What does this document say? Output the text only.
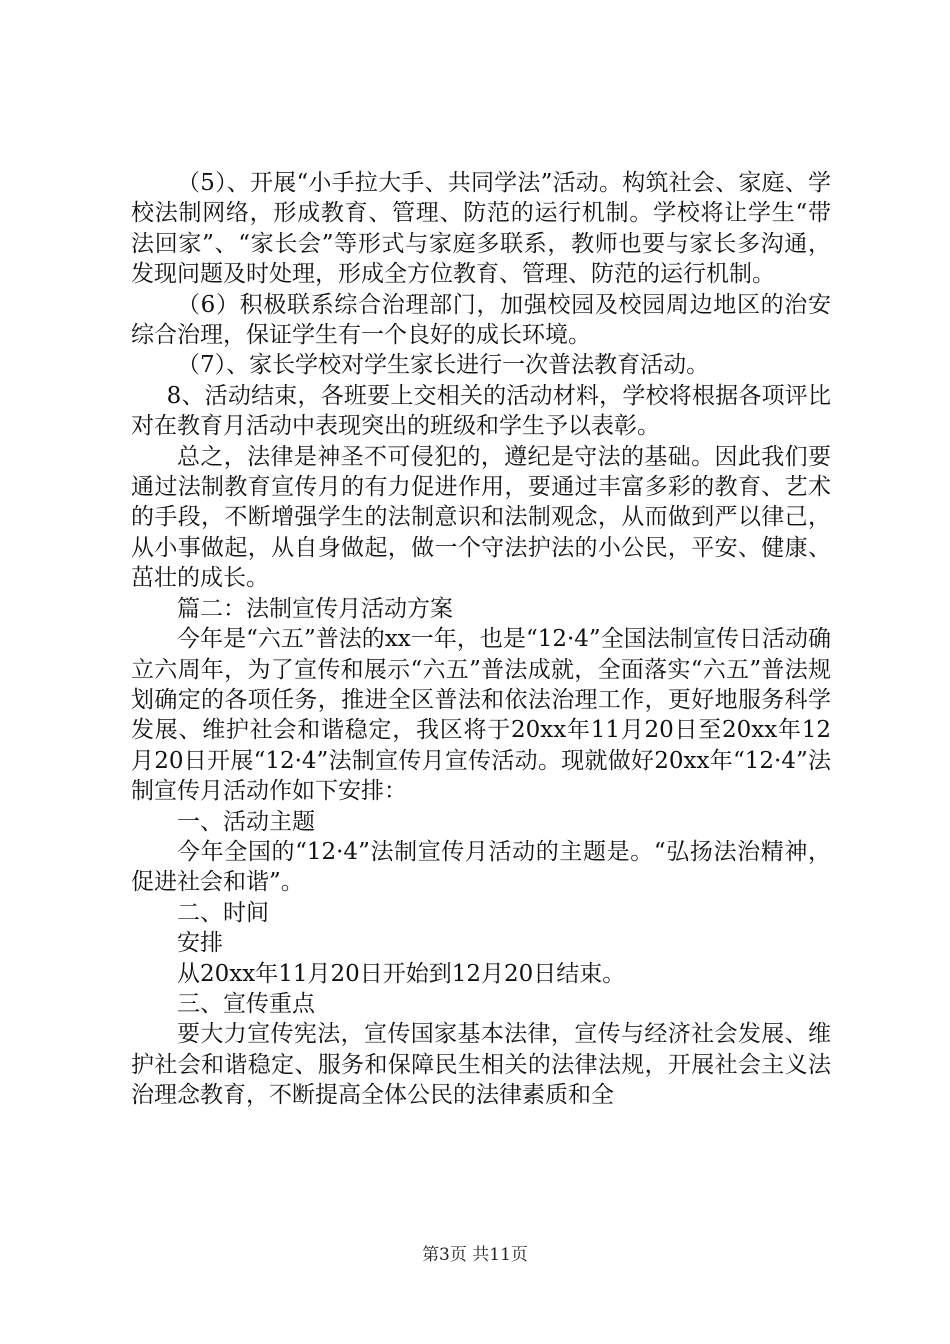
（5）、开展“小手拉大手、共同学法”活动。构筑社会、家庭、学校法制网络，形成教育、管理、防范的运行机制。学校将让学生“带法回家”、“家长会”等形式与家庭多联系，教师也要与家长多沟通，发现问题及时处理，形成全方位教育、管理、防范的运行机制。

（6）积极联系综合治理部门，加强校园及校园周边地区的治安综合治理，保证学生有一个良好的成长环境。

（7）、家长学校对学生家长进行一次普法教育活动。

8、活动结束，各班要上交相关的活动材料，学校将根据各项评比对在教育月活动中表现突出的班级和学生予以表彰。

总之，法律是神圣不可侵犯的，遵纪是守法的基础。因此我们要通过法制教育宣传月的有力促进作用，要通过丰富多彩的教育、艺术的手段，不断增强学生的法制意识和法制观念，从而做到严以律己，从小事做起，从自身做起，做一个守法护法的小公民，平安、健康、茁壮的成长。

篇二：法制宣传月活动方案

今年是“六五”普法的xx一年，也是“12·4”全国法制宣传日活动确立六周年，为了宣传和展示“六五”普法成就，全面落实“六五”普法规划确定的各项任务，推进全区普法和依法治理工作，更好地服务科学发展、维护社会和谐稳定，我区将于20xx年11月20日至20xx年12月20日开展“12·4”法制宣传月宣传活动。现就做好20xx年“12·4”法制宣传月活动作如下安排：

一、活动主题

今年全国的“12·4”法制宣传月活动的主题是。“弘扬法治精神，促进社会和谐”。

二、时间

安排

从20xx年11月20日开始到12月20日结束。

三、宣传重点

要大力宣传宪法，宣传国家基本法律，宣传与经济社会发展、维护社会和谐稳定、服务和保障民生相关的法律法规，开展社会主义法治理念教育，不断提高全体公民的法律素质和全

第3页 共11页
